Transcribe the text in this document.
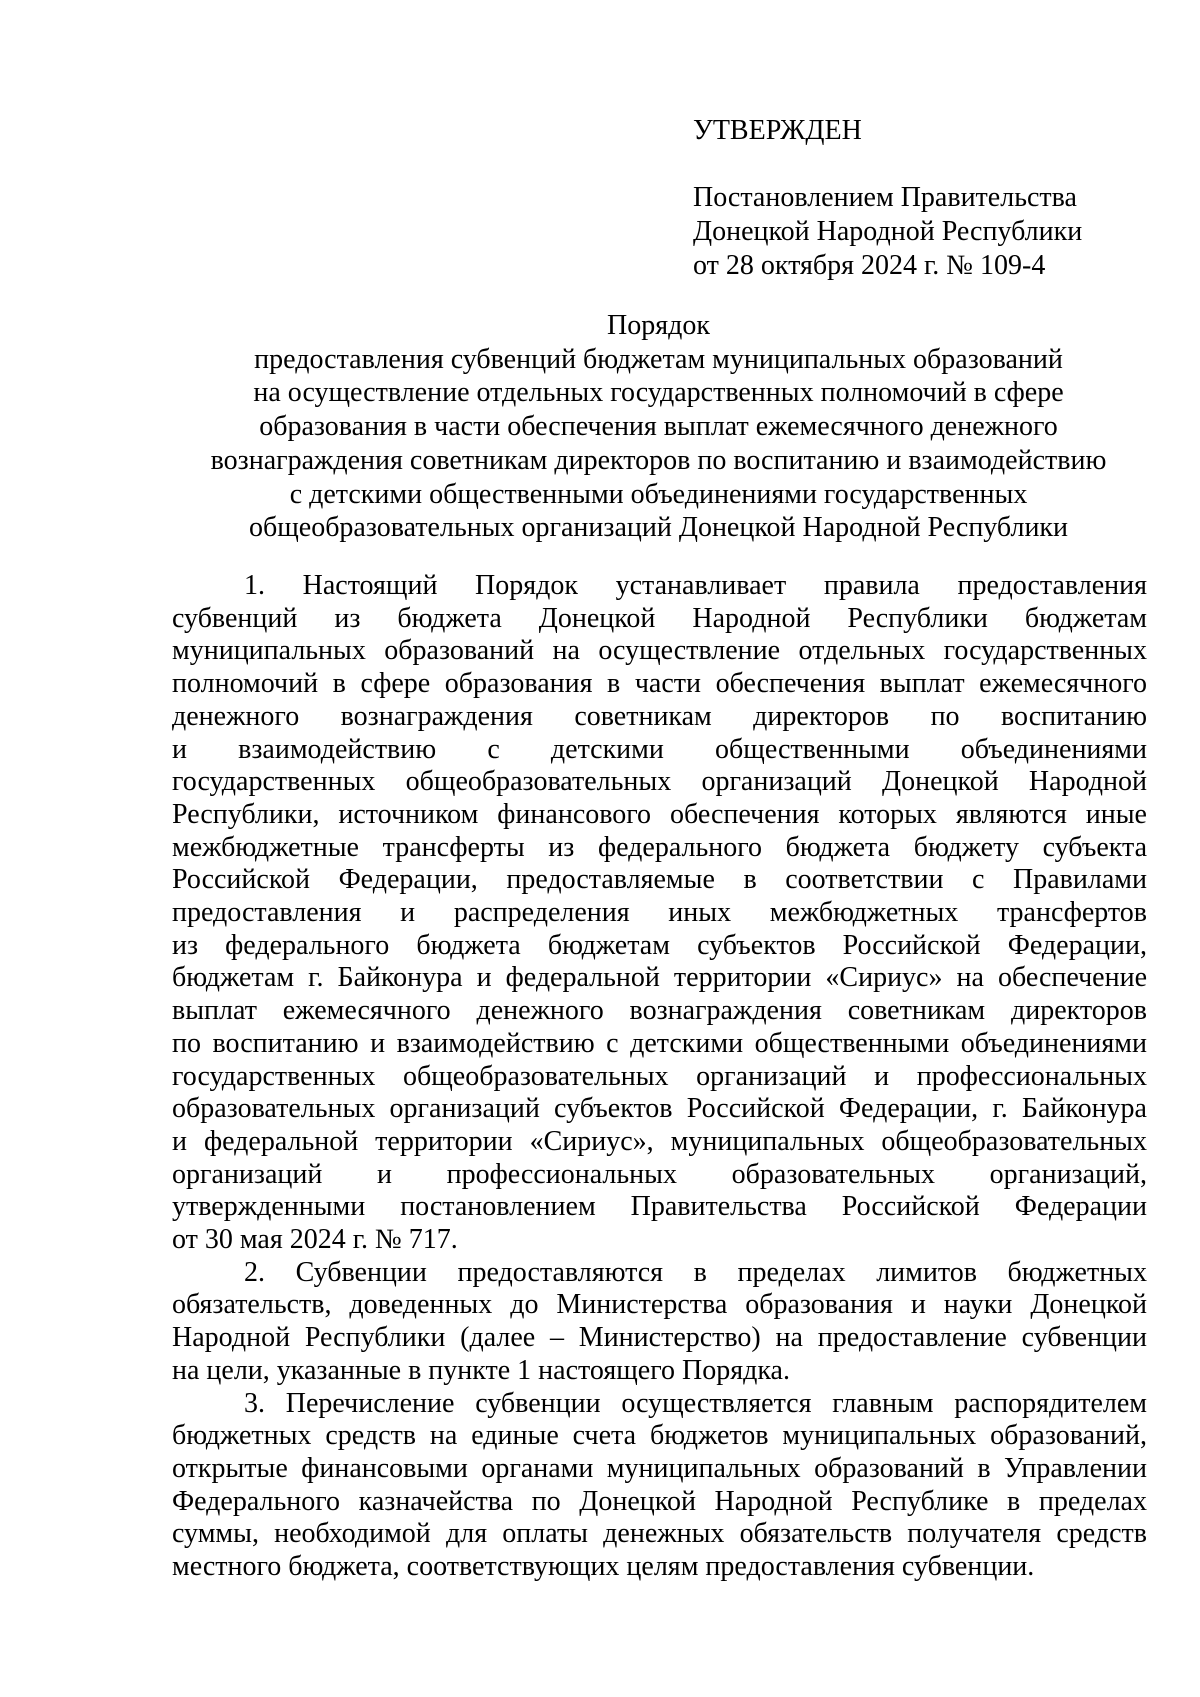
УТВЕРЖДЕН
Постановлением Правительства
Донецкой Народной Республики
от 28 октября 2024 г. № 109-4
Порядок
предоставления субвенций бюджетам муниципальных образований
на осуществление отдельных государственных полномочий в сфере
образования в части обеспечения выплат ежемесячного денежного
вознаграждения советникам директоров по воспитанию и взаимодействию
с детскими общественными объединениями государственных
общеобразовательных организаций Донецкой Народной Республики
1. Настоящий Порядок устанавливает правила предоставления
субвенций из бюджета Донецкой Народной Республики бюджетам
муниципальных образований на осуществление отдельных государственных
полномочий в сфере образования в части обеспечения выплат ежемесячного
денежного вознаграждения советникам директоров по воспитанию
и взаимодействию с детскими общественными объединениями
государственных общеобразовательных организаций Донецкой Народной
Республики, источником финансового обеспечения которых являются иные
межбюджетные трансферты из федерального бюджета бюджету субъекта
Российской Федерации, предоставляемые в соответствии с Правилами
предоставления и распределения иных межбюджетных трансфертов
из федерального бюджета бюджетам субъектов Российской Федерации,
бюджетам г. Байконура и федеральной территории «Сириус» на обеспечение
выплат ежемесячного денежного вознаграждения советникам директоров
по воспитанию и взаимодействию с детскими общественными объединениями
государственных общеобразовательных организаций и профессиональных
образовательных организаций субъектов Российской Федерации, г. Байконура
и федеральной территории «Сириус», муниципальных общеобразовательных
организаций и профессиональных образовательных организаций,
утвержденными постановлением Правительства Российской Федерации
от 30 мая 2024 г. № 717.
2. Субвенции предоставляются в пределах лимитов бюджетных
обязательств, доведенных до Министерства образования и науки Донецкой
Народной Республики (далее – Министерство) на предоставление субвенции
на цели, указанные в пункте 1 настоящего Порядка.
3. Перечисление субвенции осуществляется главным распорядителем
бюджетных средств на единые счета бюджетов муниципальных образований,
открытые финансовыми органами муниципальных образований в Управлении
Федерального казначейства по Донецкой Народной Республике в пределах
суммы, необходимой для оплаты денежных обязательств получателя средств
местного бюджета, соответствующих целям предоставления субвенции.
